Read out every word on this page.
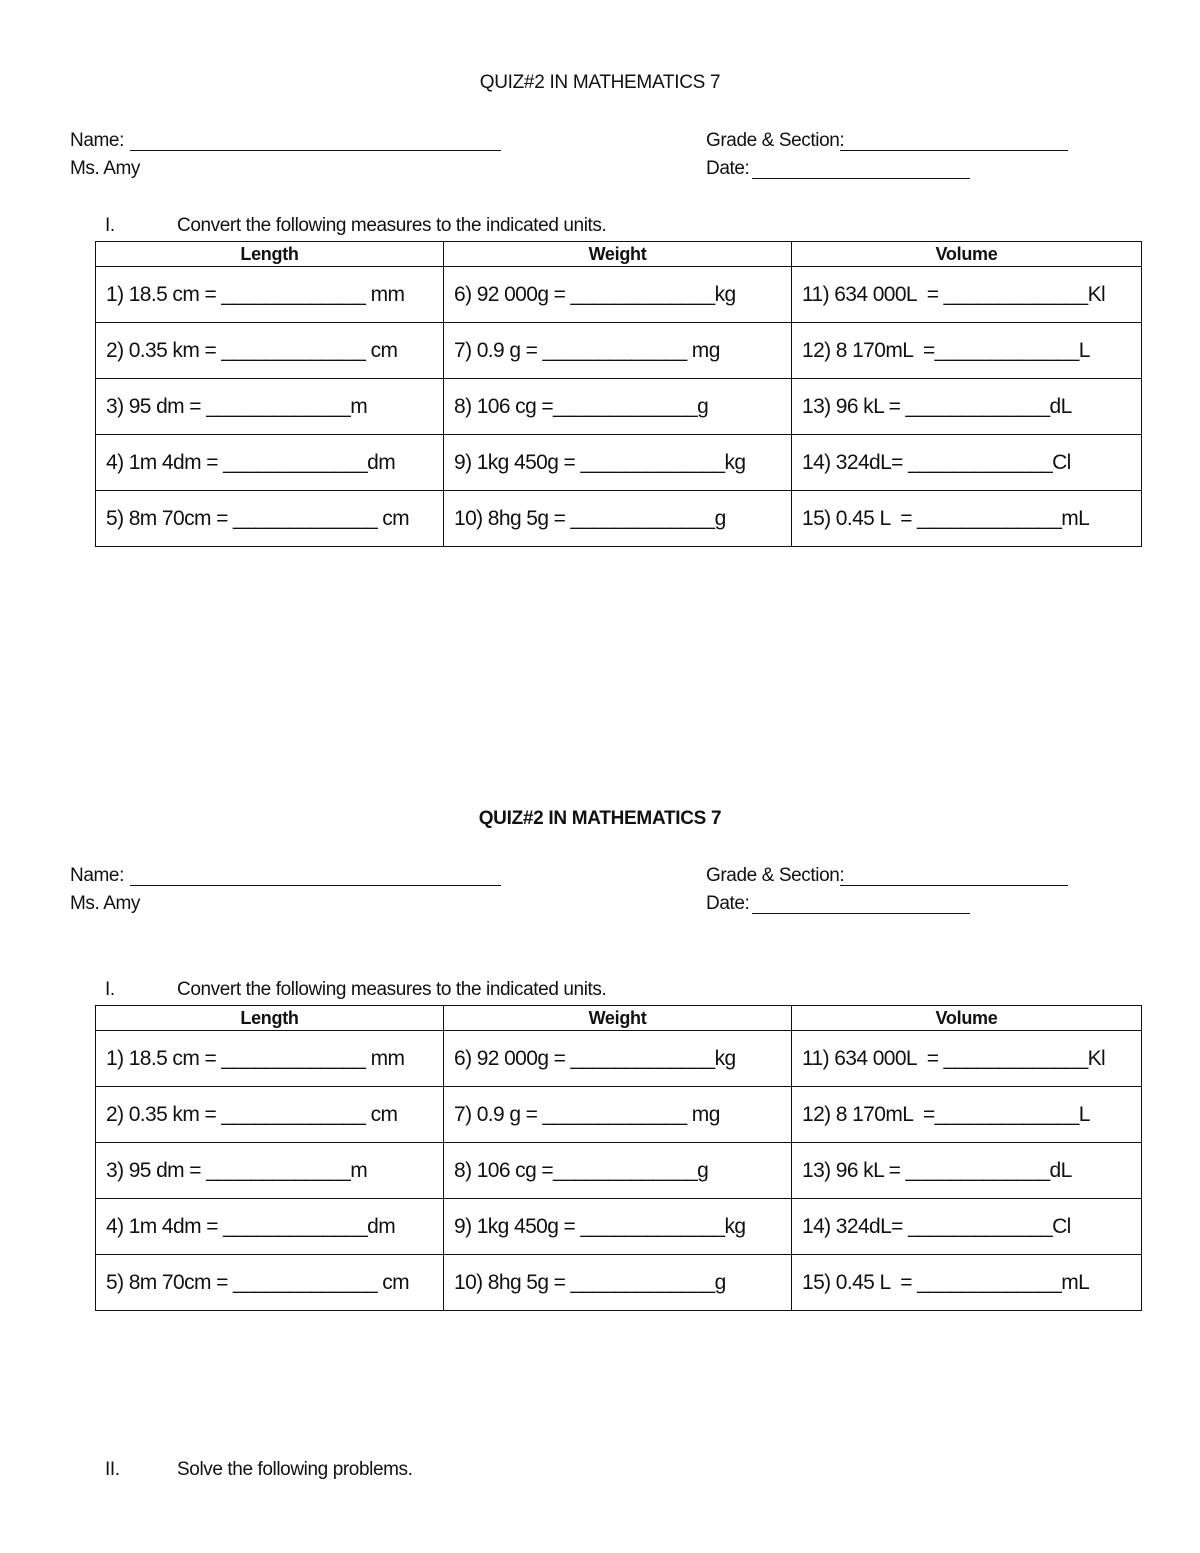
QUIZ#2 IN MATHEMATICS 7
Name:	Grade & Section:
Ms. Amy	Date:
I.	Convert the following measures to the indicated units.
Length	Weight	Volume
1) 18.5 cm = _____________ mm	6) 92 000g = _____________kg	11) 634 000L  = _____________Kl
2) 0.35 km = _____________ cm	7) 0.9 g = _____________ mg	12) 8 170mL  =_____________L
3) 95 dm = _____________m	8) 106 cg =_____________g	13) 96 kL = _____________dL
4) 1m 4dm = _____________dm	9) 1kg 450g = _____________kg	14) 324dL= _____________Cl
5) 8m 70cm = _____________ cm	10) 8hg 5g = _____________g	15) 0.45 L  = _____________mL
QUIZ#2 IN MATHEMATICS 7
Name:	Grade & Section:
Ms. Amy	Date:
I.	Convert the following measures to the indicated units.
Length	Weight	Volume
1) 18.5 cm = _____________ mm	6) 92 000g = _____________kg	11) 634 000L  = _____________Kl
2) 0.35 km = _____________ cm	7) 0.9 g = _____________ mg	12) 8 170mL  =_____________L
3) 95 dm = _____________m	8) 106 cg =_____________g	13) 96 kL = _____________dL
4) 1m 4dm = _____________dm	9) 1kg 450g = _____________kg	14) 324dL= _____________Cl
5) 8m 70cm = _____________ cm	10) 8hg 5g = _____________g	15) 0.45 L  = _____________mL
II.	Solve the following problems.
